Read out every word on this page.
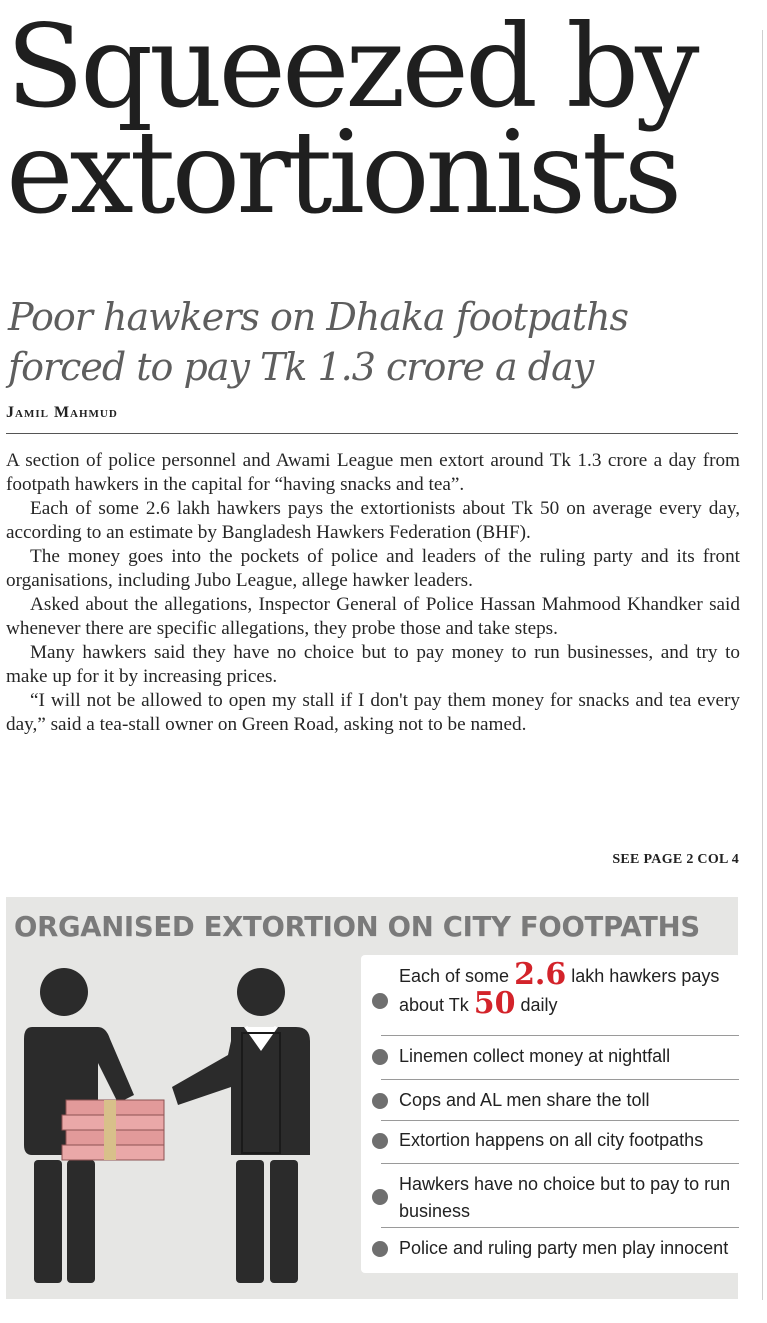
Squeezed by
extortionists
Poor hawkers on Dhaka footpaths
forced to pay Tk 1.3 crore a day
Jamil Mahmud

A section of police personnel and Awami League men extort around Tk 1.3 crore a day from footpath hawkers in the capital for “having snacks and tea”.

Each of some 2.6 lakh hawkers pays the extortionists about Tk 50 on average every day, according to an estimate by Bangladesh Hawkers Federation (BHF).

The money goes into the pockets of police and leaders of the ruling party and its front organisations, including Jubo League, allege hawker leaders.

Asked about the allegations, Inspector General of Police Hassan Mahmood Khandker said whenever there are specific allegations, they probe those and take steps.

Many hawkers said they have no choice but to pay money to run businesses, and try to make up for it by increasing prices.

“I will not be allowed to open my stall if I don't pay them money for snacks and tea every day,” said a tea-stall owner on Green Road, asking not to be named.

SEE PAGE 2 COL 4
ORGANISED EXTORTION ON CITY FOOTPATHS
Each of some 2.6 lakh hawkers pays about Tk 50 daily
Linemen collect money at nightfall
Cops and AL men share the toll
Extortion happens on all city footpaths
Hawkers have no choice but to pay to run business
Police and ruling party men play innocent
